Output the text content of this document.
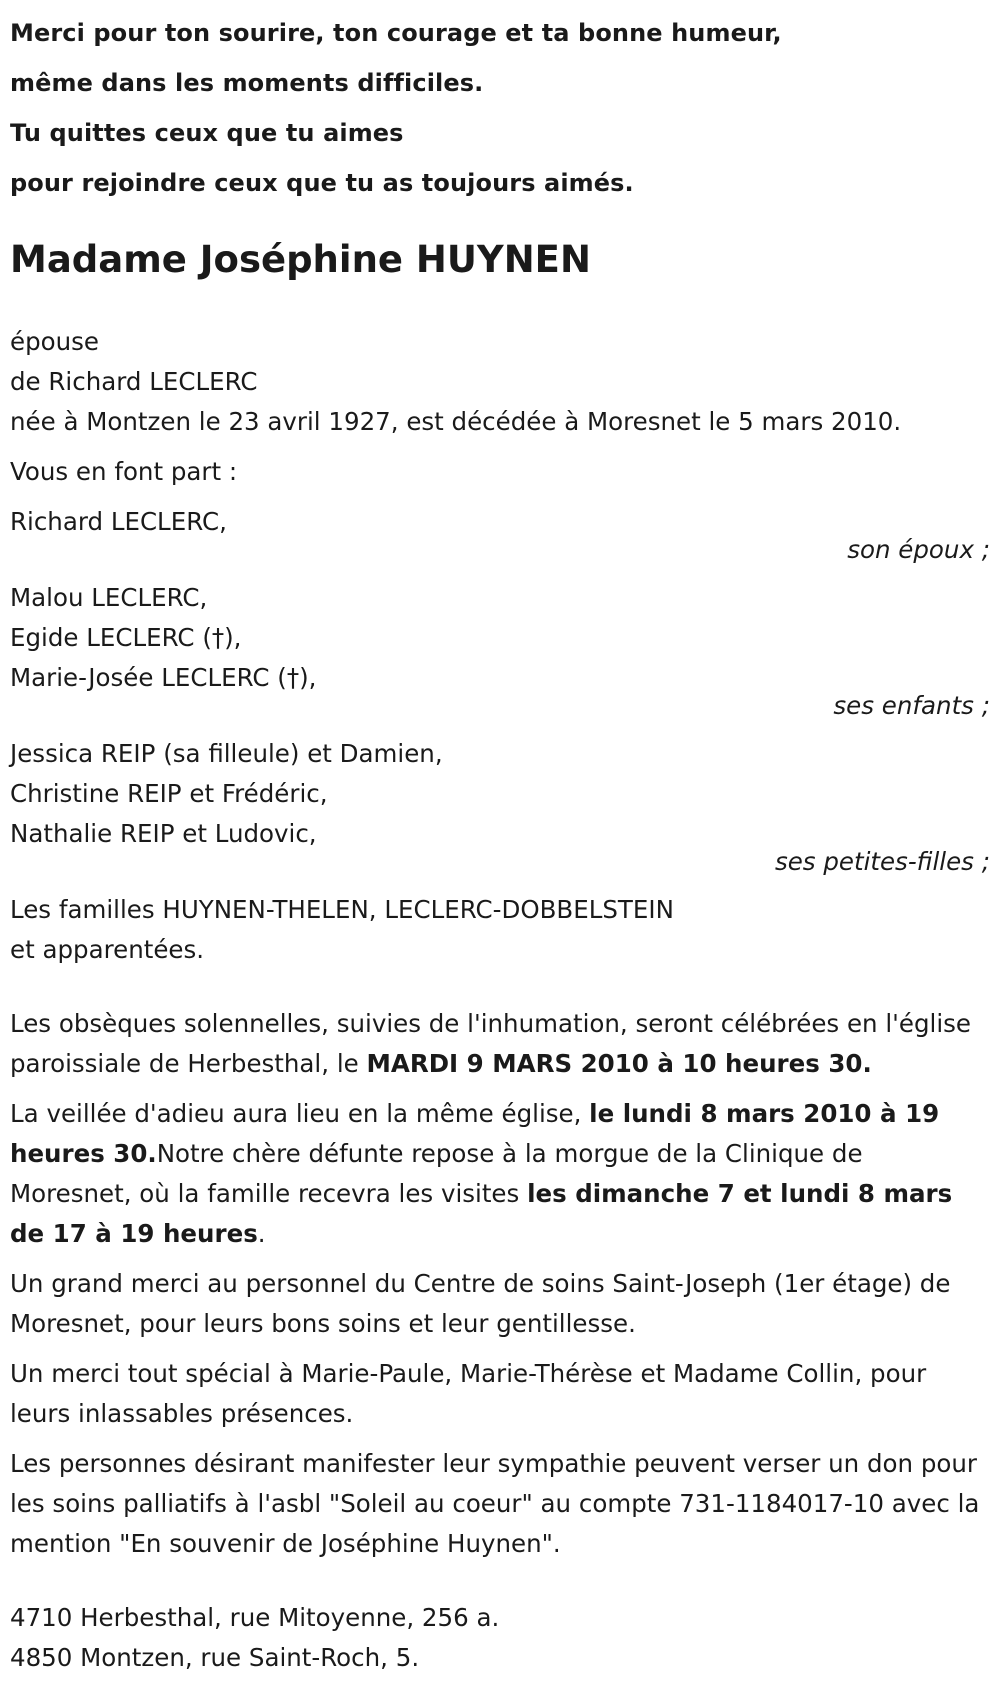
Merci pour ton sourire, ton courage et ta bonne humeur,

même dans les moments difficiles.

Tu quittes ceux que tu aimes

pour rejoindre ceux que tu as toujours aimés.

Madame Joséphine HUYNEN

épouse

de Richard LECLERC

née à Montzen le 23 avril 1927, est décédée à Moresnet le 5 mars 2010.

Vous en font part :

Richard LECLERC,

son époux ;

Malou LECLERC,

Egide LECLERC (†),

Marie-Josée LECLERC (†),

ses enfants ;

Jessica REIP (sa filleule) et Damien,

Christine REIP et Frédéric,

Nathalie REIP et Ludovic,

ses petites-filles ;

Les familles HUYNEN-THELEN, LECLERC-DOBBELSTEIN

et apparentées.

Les obsèques solennelles, suivies de l'inhumation, seront célébrées en l'église paroissiale de Herbesthal, le MARDI 9 MARS 2010 à 10 heures 30.

La veillée d'adieu aura lieu en la même église, le lundi 8 mars 2010 à 19 heures 30.Notre chère défunte repose à la morgue de la Clinique de Moresnet, où la famille recevra les visites les dimanche 7 et lundi 8 mars de 17 à 19 heures.

Un grand merci au personnel du Centre de soins Saint-Joseph (1er étage) de Moresnet, pour leurs bons soins et leur gentillesse.

Un merci tout spécial à Marie-Paule, Marie-Thérèse et Madame Collin, pour leurs inlassables présences.

Les personnes désirant manifester leur sympathie peuvent verser un don pour les soins palliatifs à l'asbl "Soleil au coeur" au compte 731-1184017-10 avec la mention "En souvenir de Joséphine Huynen".

4710 Herbesthal, rue Mitoyenne, 256 a.

4850 Montzen, rue Saint-Roch, 5.
